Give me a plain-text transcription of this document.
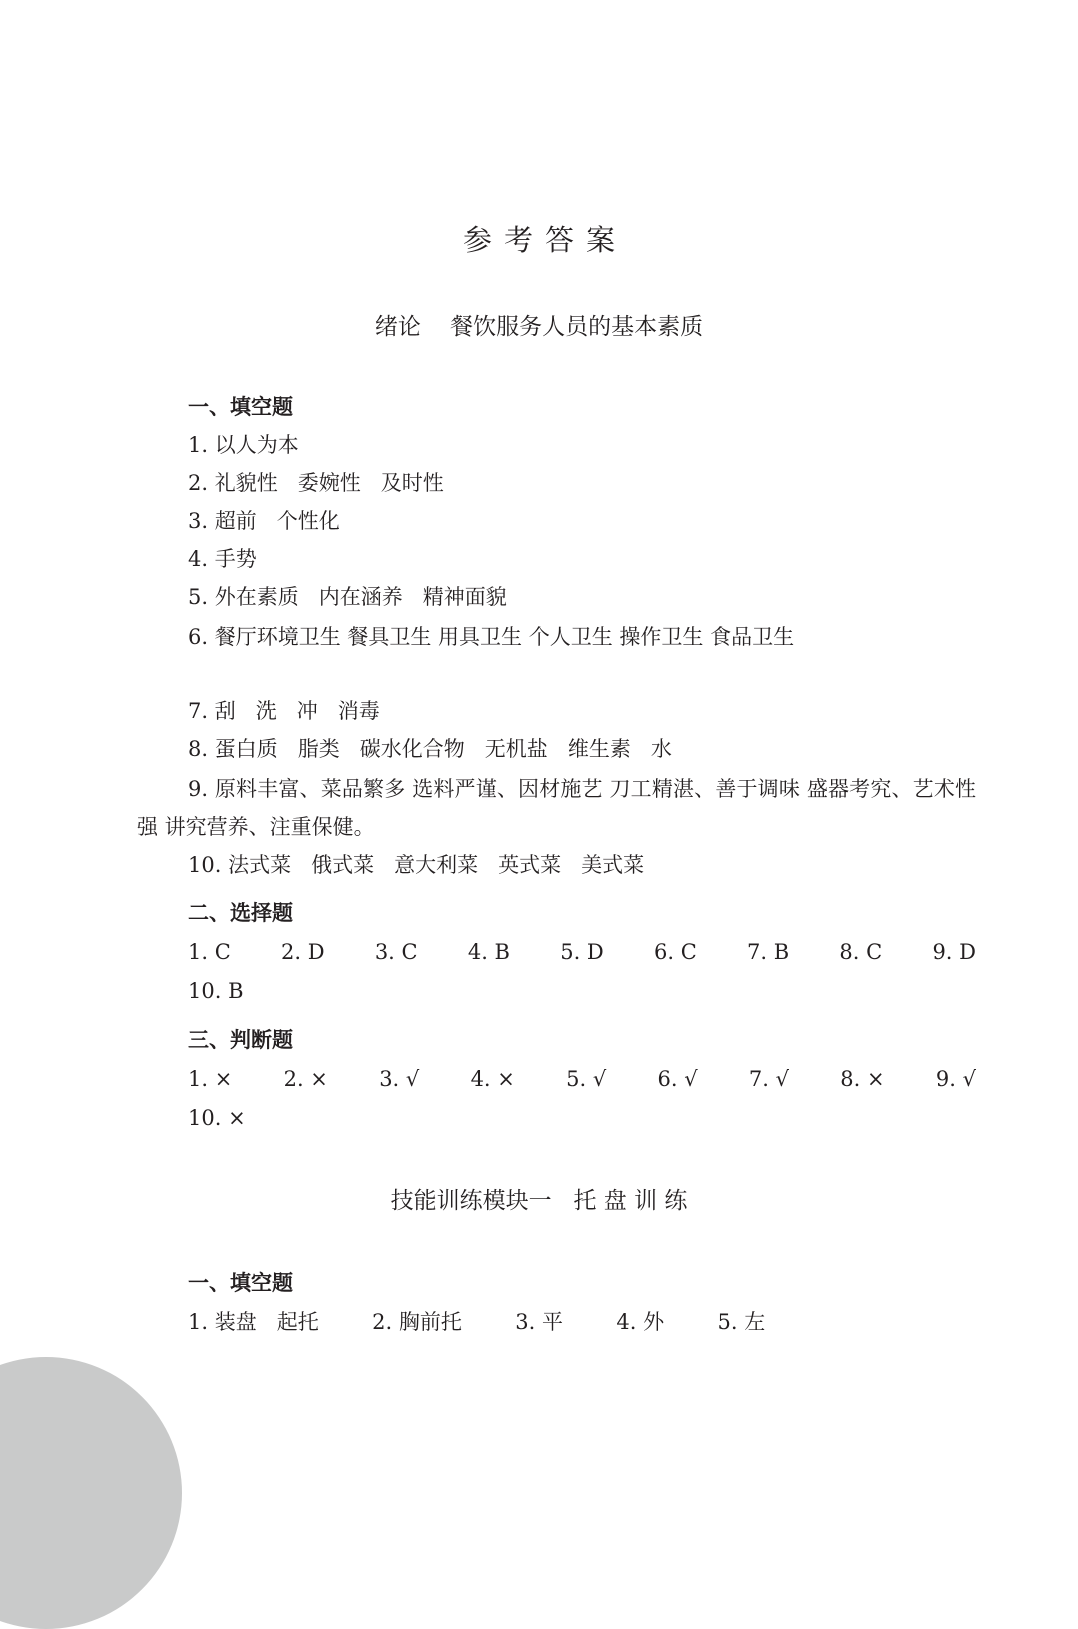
参考答案
绪论    餐饮服务人员的基本素质
一、填空题

1. 以人为本

2. 礼貌性   委婉性   及时性

3. 超前   个性化

4. 手势

5. 外在素质   内在涵养   精神面貌

6. 餐厅环境卫生 餐具卫生 用具卫生 个人卫生 操作卫生 食品卫生

7. 刮   洗   冲   消毒

8. 蛋白质   脂类   碳水化合物   无机盐   维生素   水

9. 原料丰富、菜品繁多 选料严谨、因材施艺 刀工精湛、善于调味 盛器考究、艺术性强 讲究营养、注重保健。

10. 法式菜   俄式菜   意大利菜   英式菜   美式菜

二、选择题
1. C 2. D 3. C 4. B 5. D 6. C 7. B 8. C 9. D

10. B

三、判断题
1. × 2. × 3. √ 4. × 5. √ 6. √ 7. √ 8. × 9. √

10. ×

技能训练模块一   托 盘 训 练
一、填空题

1. 装盘   起托        2. 胸前托        3. 平        4. 外        5. 左
